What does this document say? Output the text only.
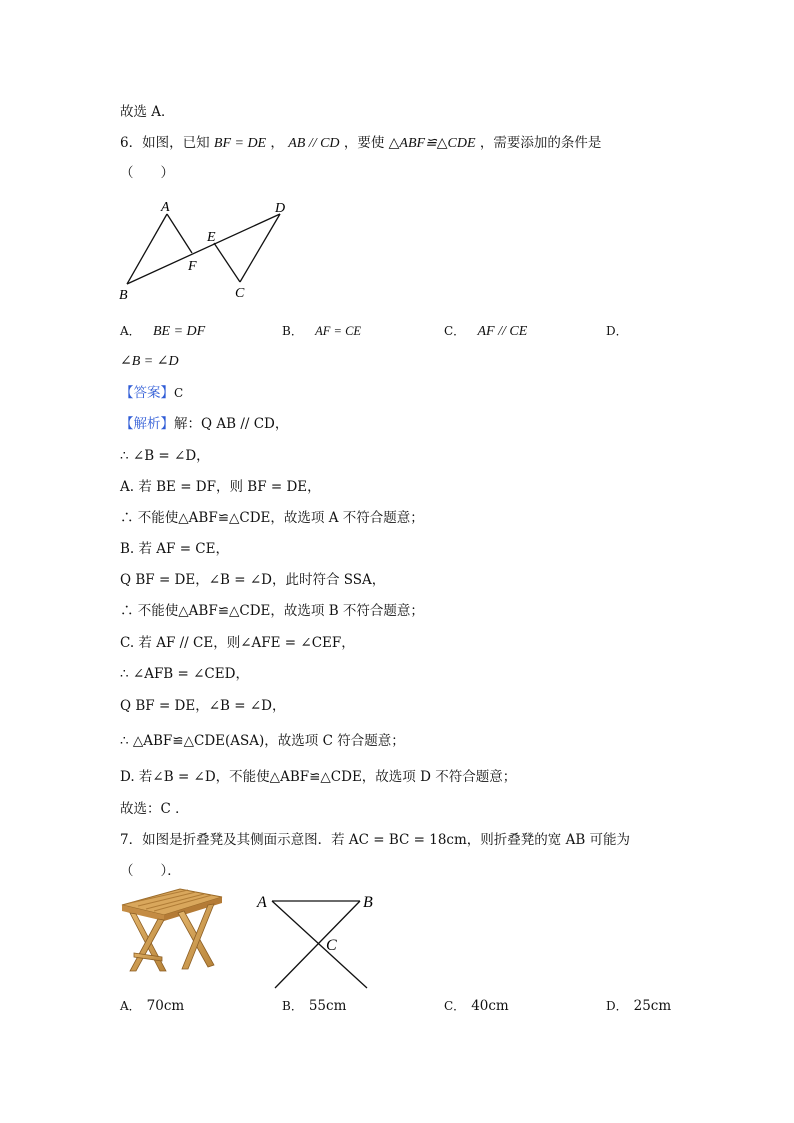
故选 A．
6．如图，已知 BF = DE ， AB // CD ，要使 △ABF≌△CDE ，需要添加的条件是
（　　）
A
B	C
D
E
F
A． BE = DF	B． AF = CE	C． AF // CE	D．
∠B = ∠D
【答案】C
【解析】解：Q AB // CD，
∴ ∠B = ∠D，
A. 若 BE = DF，则 BF = DE，
∴ 不能使△ABF≌△CDE，故选项 A 不符合题意；
B. 若 AF = CE，
Q BF = DE，∠B = ∠D，此时符合 SSA，
∴ 不能使△ABF≌△CDE，故选项 B 不符合题意；
C. 若 AF // CE，则∠AFE = ∠CEF，
∴ ∠AFB = ∠CED，
Q BF = DE，∠B = ∠D，
∴ △ABF≌△CDE(ASA)，故选项 C 符合题意；
D. 若∠B = ∠D，不能使△ABF≌△CDE，故选项 D 不符合题意；
故选：C ．
7．如图是折叠凳及其侧面示意图．若 AC = BC = 18cm，则折叠凳的宽 AB 可能为
（　　）．
A	B
C
A． 70cm	B． 55cm	C． 40cm	D． 25cm
